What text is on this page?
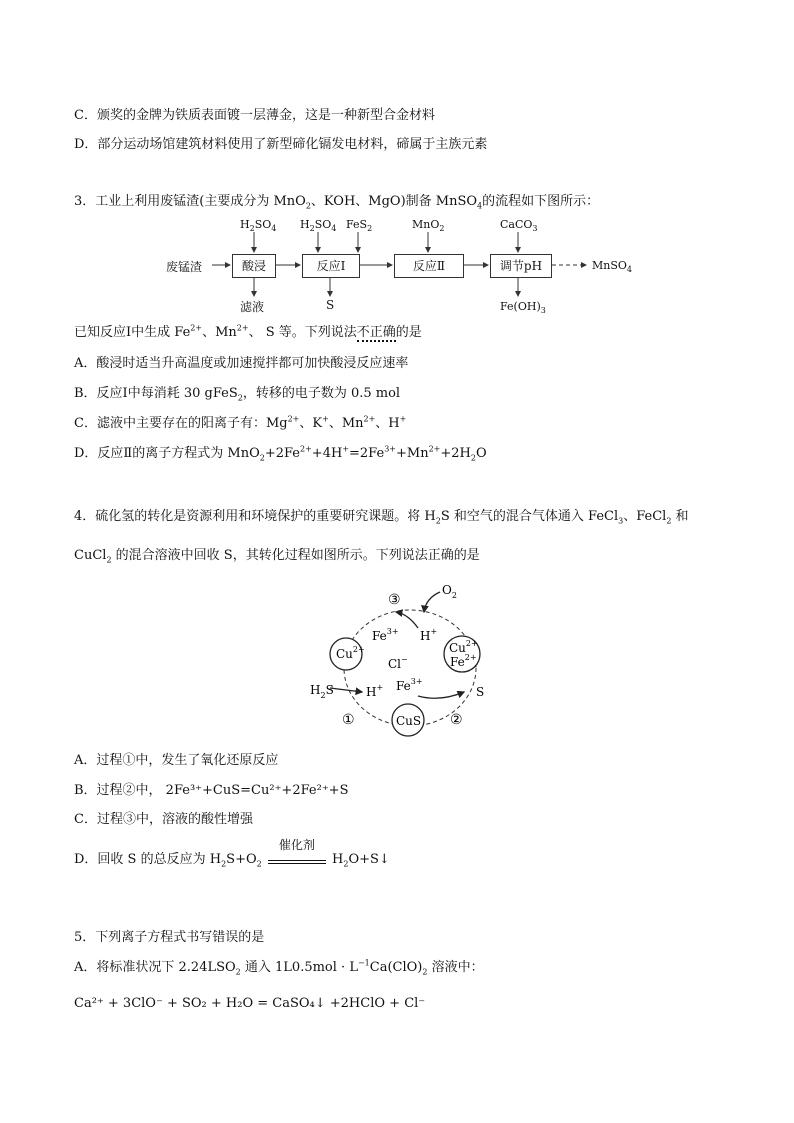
C．颁奖的金牌为铁质表面镀一层薄金，这是一种新型合金材料
D．部分运动场馆建筑材料使用了新型碲化镉发电材料，碲属于主族元素
3．工业上利用废锰渣(主要成分为 MnO$_2$、KOH、MgO)制备 MnSO$_4$的流程如下图所示：
废锰渣	酸浸	反应Ⅰ	反应Ⅱ	调节pH	MnSO$_4$
$H_2SO_4$ $H_2SO_4$ FeS$_2$	MnO$_2$	CaCO$_3$
滤液	S	$Fe(OH)_3$
已知反应Ⅰ中生成 $Fe^{2+}$、$Mn^{2+}$、 S 等。下列说法不正确的是
A．酸浸时适当升高温度或加速搅拌都可加快酸浸反应速率
B．反应Ⅰ中每消耗 30 gFeS$_2$，转移的电子数为 0.5 mol
C．滤液中主要存在的阳离子有：$Mg^{2+}$、K+、$Mn^{2+}$、H+
D．反应Ⅱ的离子方程式为 $MnO_2+2Fe^{2+}+4H^+=2Fe^{3+}+Mn^{2+}+2H_2O$
4．硫化氢的转化是资源利用和环境保护的重要研究课题。将 $H_2S$ 和空气的混合气体通入 FeCl$_3$、FeCl$_2$ 和
CuCl$_2$ 的混合溶液中回收 S，其转化过程如图所示。下列说法正确的是
$Cu^{2+}$	$Cu^{2+}$
$Fe^{2+}$
CuS
③
$O_2$
$Fe^{3+}$ H+
Cl−
$H_2S$	H+ $Fe^{3+}$
S
①	②
A．过程①中，发生了氧化还原反应
B．过程②中， 2Fe³⁺+CuS=Cu²⁺+2Fe²⁺+S
C．过程③中，溶液的酸性增强
D．回收 S 的总反应为 $H_2S+O_2$
催化剂
$H_2O+S↓$
5．下列离子方程式书写错误的是
A．将标准状况下 $2.24LSO_2$ 通入 $1L0.5mol \cdot L^{-1}Ca(ClO)_2$ 溶液中：
Ca²⁺ + 3ClO⁻ + SO₂ + H₂O = CaSO₄↓ +2HClO + Cl⁻
